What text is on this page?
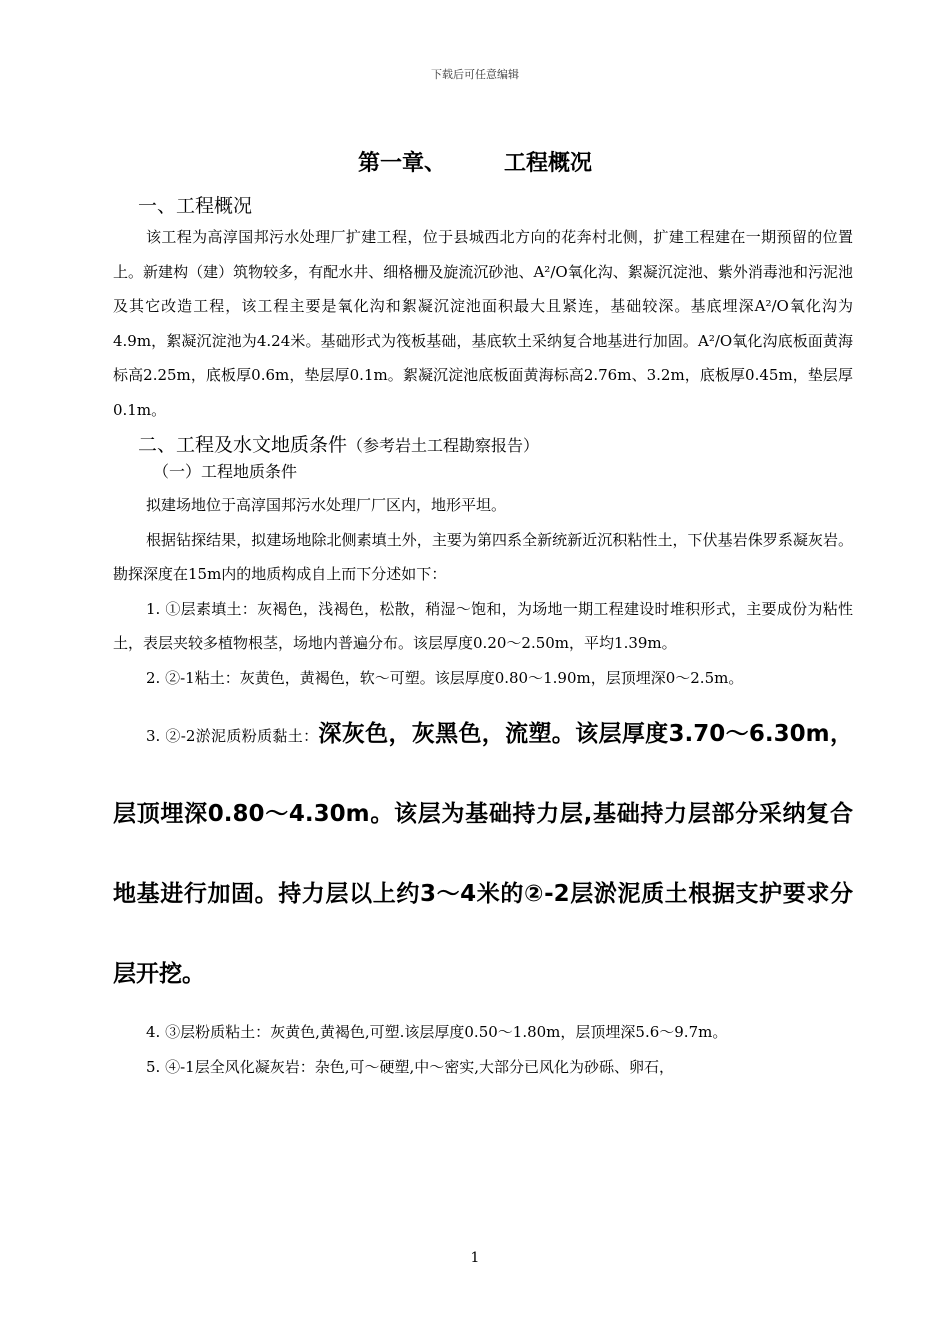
下载后可任意编辑
第一章、	工程概况

一、工程概况

该工程为高淳国邦污水处理厂扩建工程，位于县城西北方向的花奔村北侧，扩建工程建在一期预留的位置上。新建构（建）筑物较多，有配水井、细格栅及旋流沉砂池、A²/O氧化沟、絮凝沉淀池、紫外消毒池和污泥池及其它改造工程，该工程主要是氧化沟和絮凝沉淀池面积最大且紧连，基础较深。基底埋深A²/O氧化沟为4.9m，絮凝沉淀池为4.24米。基础形式为筏板基础，基底软土采纳复合地基进行加固。A²/O氧化沟底板面黄海标高2.25m，底板厚0.6m，垫层厚0.1m。絮凝沉淀池底板面黄海标高2.76m、3.2m，底板厚0.45m，垫层厚0.1m。

二、工程及水文地质条件（参考岩土工程勘察报告）

（一）工程地质条件

拟建场地位于高淳国邦污水处理厂厂区内，地形平坦。

根据钻探结果，拟建场地除北侧素填土外，主要为第四系全新统新近沉积粘性土，下伏基岩侏罗系凝灰岩。勘探深度在15m内的地质构成自上而下分述如下：

1. ①层素填土：灰褐色，浅褐色，松散，稍湿～饱和，为场地一期工程建设时堆积形式，主要成份为粘性土，表层夹较多植物根茎，场地内普遍分布。该层厚度0.20～2.50m，平均1.39m。

2. ②-1粘土：灰黄色，黄褐色，软～可塑。该层厚度0.80～1.90m，层顶埋深0～2.5m。

3. ②-2淤泥质粉质黏土：深灰色，灰黑色，流塑。该层厚度3.70～6.30m，层顶埋深0.80～4.30m。该层为基础持力层,基础持力层部分采纳复合地基进行加固。持力层以上约3～4米的②-2层淤泥质土根据支护要求分层开挖。

4. ③层粉质粘土：灰黄色,黄褐色,可塑.该层厚度0.50～1.80m，层顶埋深5.6～9.7m。

5. ④-1层全风化凝灰岩：杂色,可～硬塑,中～密实,大部分已风化为砂砾、卵石，

1
